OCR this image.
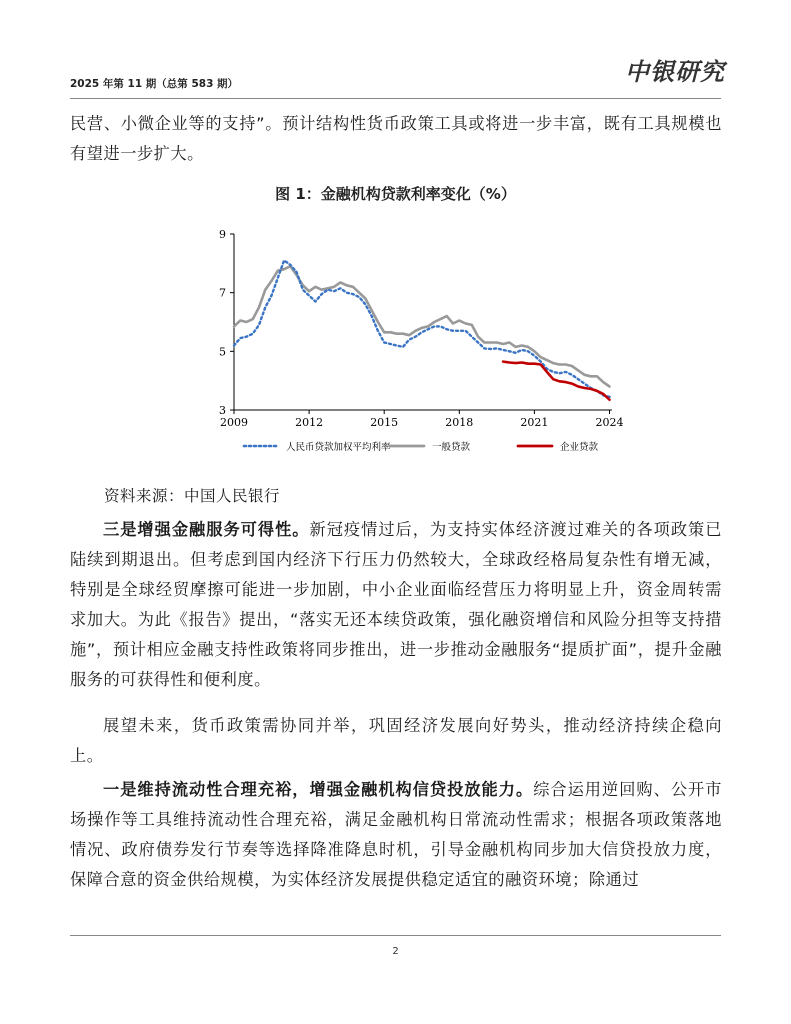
2025 年第 11 期（总第 583 期）	中银研究
民营、小微企业等的支持”。预计结构性货币政策工具或将进一步丰富，既有工具规模也有望进一步扩大。
图 1：金融机构贷款利率变化（%）
3
5
7
9
2009	2012	2015	2018	2021	2024
人民币贷款加权平均利率	一般贷款	企业贷款
资料来源：中国人民银行
三是增强金融服务可得性。新冠疫情过后，为支持实体经济渡过难关的各项政策已陆续到期退出。但考虑到国内经济下行压力仍然较大，全球政经格局复杂性有增无减，特别是全球经贸摩擦可能进一步加剧，中小企业面临经营压力将明显上升，资金周转需求加大。为此《报告》提出，“落实无还本续贷政策，强化融资增信和风险分担等支持措施”，预计相应金融支持性政策将同步推出，进一步推动金融服务“提质扩面”，提升金融服务的可获得性和便利度。
展望未来，货币政策需协同并举，巩固经济发展向好势头，推动经济持续企稳向上。
一是维持流动性合理充裕，增强金融机构信贷投放能力。综合运用逆回购、公开市场操作等工具维持流动性合理充裕，满足金融机构日常流动性需求；根据各项政策落地情况、政府债券发行节奏等选择降准降息时机，引导金融机构同步加大信贷投放力度，保障合意的资金供给规模，为实体经济发展提供稳定适宜的融资环境；除通过
2
